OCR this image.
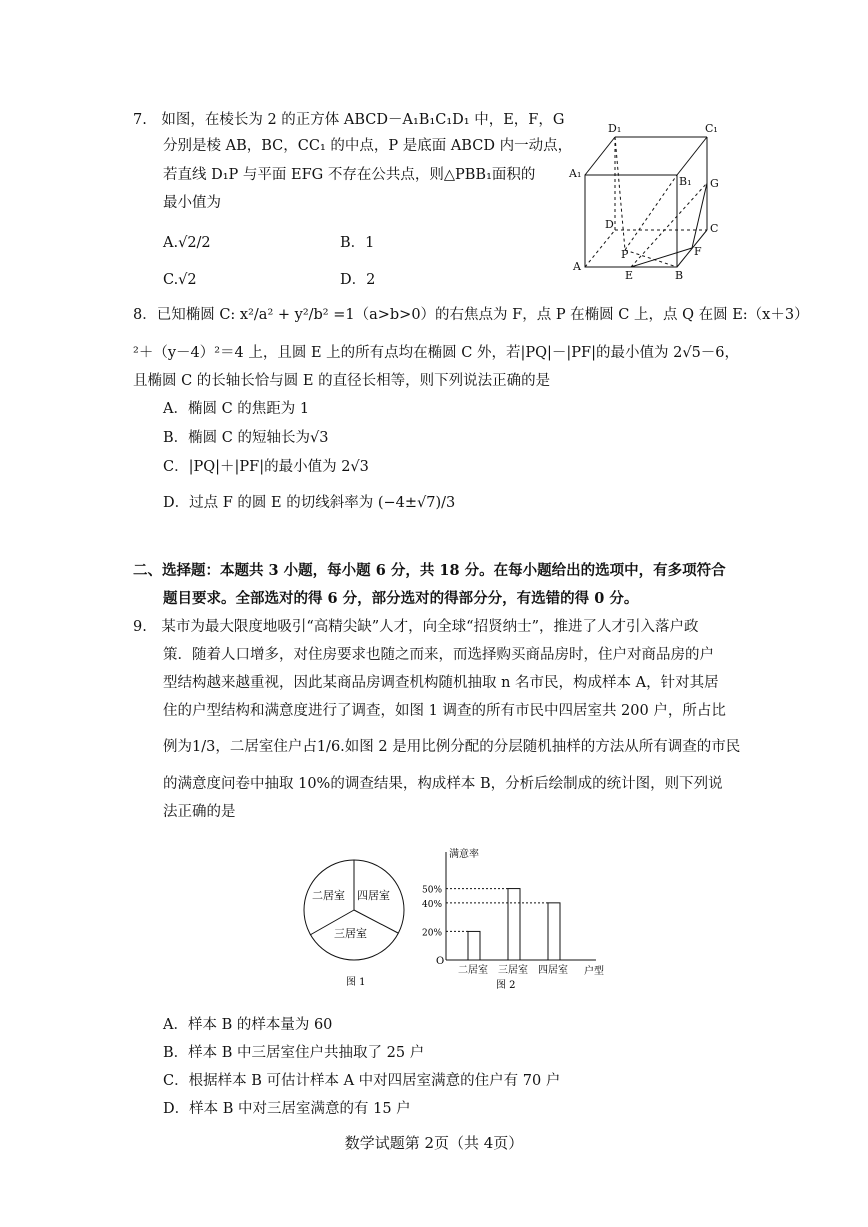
7.　如图，在棱长为 2 的正方体 ABCD－A₁B₁C₁D₁ 中，E，F，G
分别是棱 AB，BC，CC₁ 的中点，P 是底面 ABCD 内一动点，
若直线 D₁P 与平面 EFG 不存在公共点，则△PBB₁面积的
最小值为
A.√2/2	B．1
C.√2	D．2
D₁	C₁
A₁
B₁ G
D	C
P	F
A
E	B
8．已知椭圆 C: x²/a² + y²/b² =1（a>b>0）的右焦点为 F，点 P 在椭圆 C 上，点 Q 在圆 E:（x＋3）
²＋（y－4）²＝4 上，且圆 E 上的所有点均在椭圆 C 外，若|PQ|－|PF|的最小值为 2√5－6，
且椭圆 C 的长轴长恰与圆 E 的直径长相等，则下列说法正确的是
A．椭圆 C 的焦距为 1
B．椭圆 C 的短轴长为√3
C．|PQ|＋|PF|的最小值为 2√3
D．过点 F 的圆 E 的切线斜率为 (−4±√7)/3
二、选择题：本题共 3 小题，每小题 6 分，共 18 分。在每小题给出的选项中，有多项符合
题目要求。全部选对的得 6 分，部分选对的得部分分，有选错的得 0 分。
9.　某市为最大限度地吸引“高精尖缺”人才，向全球“招贤纳士”，推进了人才引入落户政
策．随着人口增多，对住房要求也随之而来，而选择购买商品房时，住户对商品房的户
型结构越来越重视，因此某商品房调查机构随机抽取 n 名市民，构成样本 A，针对其居
住的户型结构和满意度进行了调查，如图 1 调查的所有市民中四居室共 200 户，所占比
例为1/3，二居室住户占1/6.如图 2 是用比例分配的分层随机抽样的方法从所有调查的市民
的满意度问卷中抽取 10%的调查结果，构成样本 B，分析后绘制成的统计图，则下列说
法正确的是
二居室 四居室
三居室
图 1
满意率
户型
O
二居室 三居室 四居室
20%
40%
50%
图 2
A．样本 B 的样本量为 60
B．样本 B 中三居室住户共抽取了 25 户
C．根据样本 B 可估计样本 A 中对四居室满意的住户有 70 户
D．样本 B 中对三居室满意的有 15 户
数学试题第 2页（共 4页）
